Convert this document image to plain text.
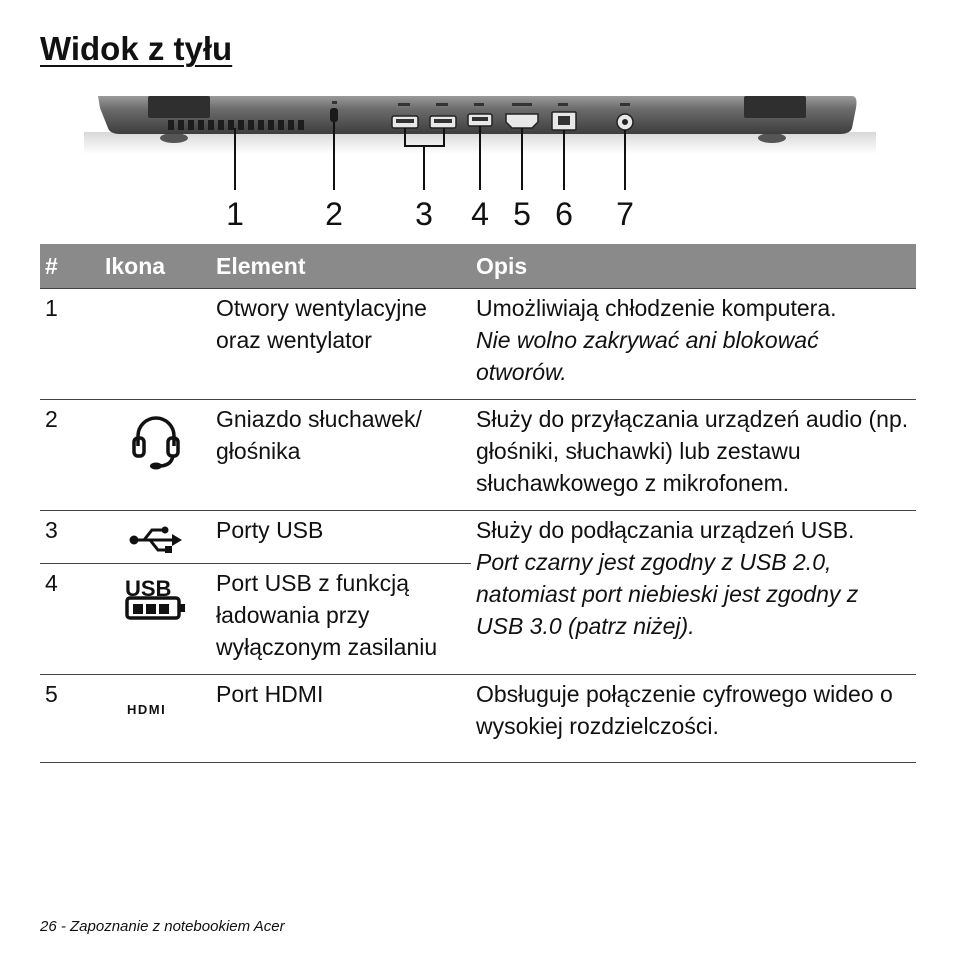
Widok z tyłu
1	2 3 4 5 6 7
#	Ikona	Element	Opis
1		Otwory wentylacyjne oraz wentylator	Umożliwiają chłodzenie komputera.
Nie wolno zakrywać ani blokować otworów.

2		Gniazdo słuchawek/ głośnika	Służy do przyłączania urządzeń audio (np. głośniki, słuchawki) lub zestawu słuchawkowego z mikrofonem.
3		Porty USB	Służy do podłączania urządzeń USB.
Port czarny jest zgodny z USB 2.0, natomiast port niebieski jest zgodny z USB 3.0 (patrz niżej).

4	USB	Port USB z funkcją ładowania przy wyłączonym zasilaniu	
5	HDMI	Port HDMI	Obsługuje połączenie cyfrowego wideo o wysokiej rozdzielczości.
26 - Zapoznanie z notebookiem Acer
